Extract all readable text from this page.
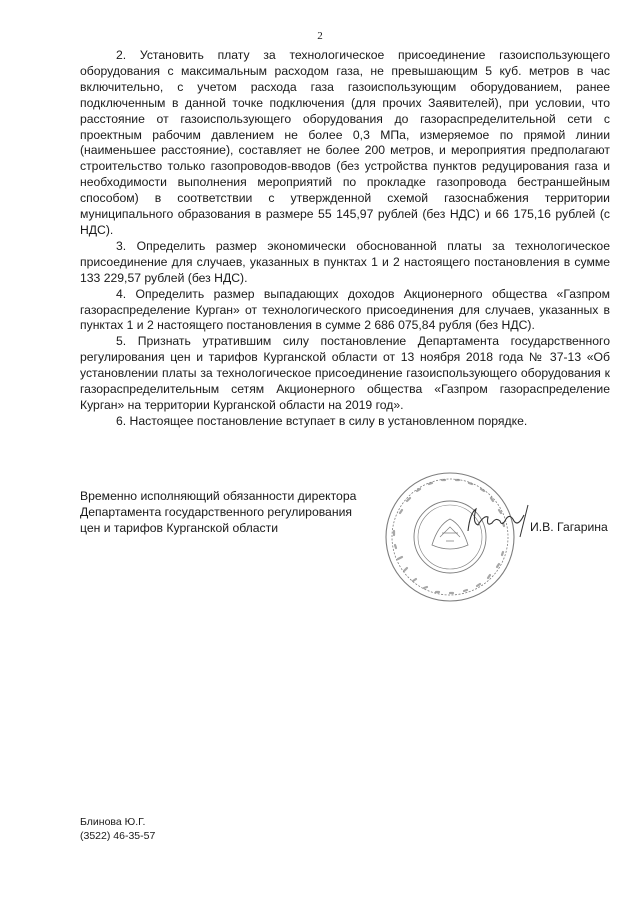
2

2. Установить плату за технологическое присоединение газоиспользующего оборудования с максимальным расходом газа, не превышающим 5 куб. метров в час включительно, с учетом расхода газа газоиспользующим оборудованием, ранее подключенным в данной точке подключения (для прочих Заявителей), при условии, что расстояние от газоиспользующего оборудования до газораспределительной сети с проектным рабочим давлением не более 0,3 МПа, измеряемое по прямой линии (наименьшее расстояние), составляет не более 200 метров, и мероприятия предполагают строительство только газопроводов-вводов (без устройства пунктов редуцирования газа и необходимости выполнения мероприятий по прокладке газопровода бестраншейным способом) в соответствии с утвержденной схемой газоснабжения территории муниципального образования в размере 55 145,97 рублей (без НДС) и 66 175,16 рублей (с НДС).

3. Определить размер экономически обоснованной платы за технологическое присоединение для случаев, указанных в пунктах 1 и 2 настоящего постановления в сумме 133 229,57 рублей (без НДС).

4. Определить размер выпадающих доходов Акционерного общества «Газпром газораспределение Курган» от технологического присоединения для случаев, указанных в пунктах 1 и 2 настоящего постановления в сумме 2 686 075,84 рубля (без НДС).

5. Признать утратившим силу постановление Департамента государственного регулирования цен и тарифов Курганской области от 13 ноября 2018 года № 37-13 «Об установлении платы за технологическое присоединение газоиспользующего оборудования к газораспределительным сетям Акционерного общества «Газпром газораспределение Курган» на территории Курганской области на 2019 год».

6. Настоящее постановление вступает в силу в установленном порядке.

Временно исполняющий обязанности директора
Департамента государственного регулирования
цен и тарифов Курганской области	И.В. Гагарина
Блинова Ю.Г.
(3522) 46-35-57
